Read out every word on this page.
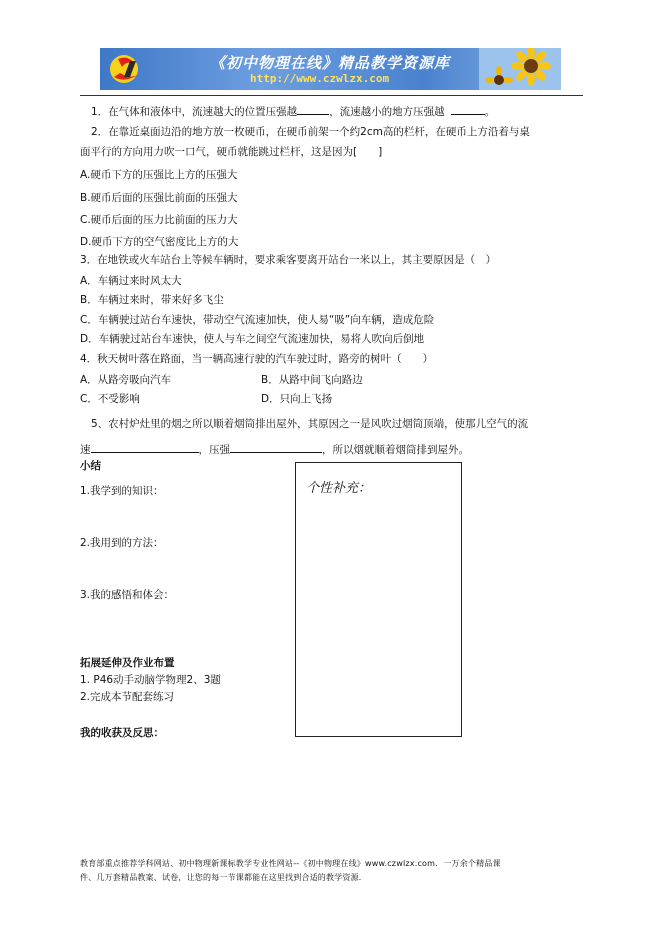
《初中物理在线》精品教学资源库
http://www.czwlzx.com
1．在气体和液体中，流速越大的位置压强越	，流速越小的地方压强越	。
2．在靠近桌面边沿的地方放一枚硬币，在硬币前架一个约2cm高的栏杆，在硬币上方沿着与桌
面平行的方向用力吹一口气，硬币就能跳过栏杆，这是因为[　　]
A.硬币下方的压强比上方的压强大
B.硬币后面的压强比前面的压强大
C.硬币后面的压力比前面的压力大
D.硬币下方的空气密度比上方的大
3．在地铁或火车站台上等候车辆时，要求乘客要离开站台一米以上，其主要原因是（　）
A．车辆过来时风太大
B．车辆过来时，带来好多飞尘
C．车辆驶过站台车速快，带动空气流速加快，使人易“吸”向车辆，造成危险
D．车辆驶过站台车速快，使人与车之间空气流速加快，易将人吹向后倒地
4．秋天树叶落在路面，当一辆高速行驶的汽车驶过时，路旁的树叶（　　）
A．从路旁吸向汽车	B．从路中间飞向路边
C．不受影响	D．只向上飞扬
5、农村炉灶里的烟之所以顺着烟筒排出屋外，其原因之一是风吹过烟筒顶端，使那儿空气的流
速	，压强	，所以烟就顺着烟筒排到屋外。
小结
1.我学到的知识：
2.我用到的方法：
3.我的感悟和体会：
拓展延伸及作业布置
1. P46动手动脑学物理2、3题
2.完成本节配套练习
我的收获及反思：
个性补充：
教育部重点推荐学科网站、初中物理新课标教学专业性网站--《初中物理在线》www.czwlzx.com．一万余个精品课
件、几万套精品教案、试卷，让您的每一节课都能在这里找到合适的教学资源．
